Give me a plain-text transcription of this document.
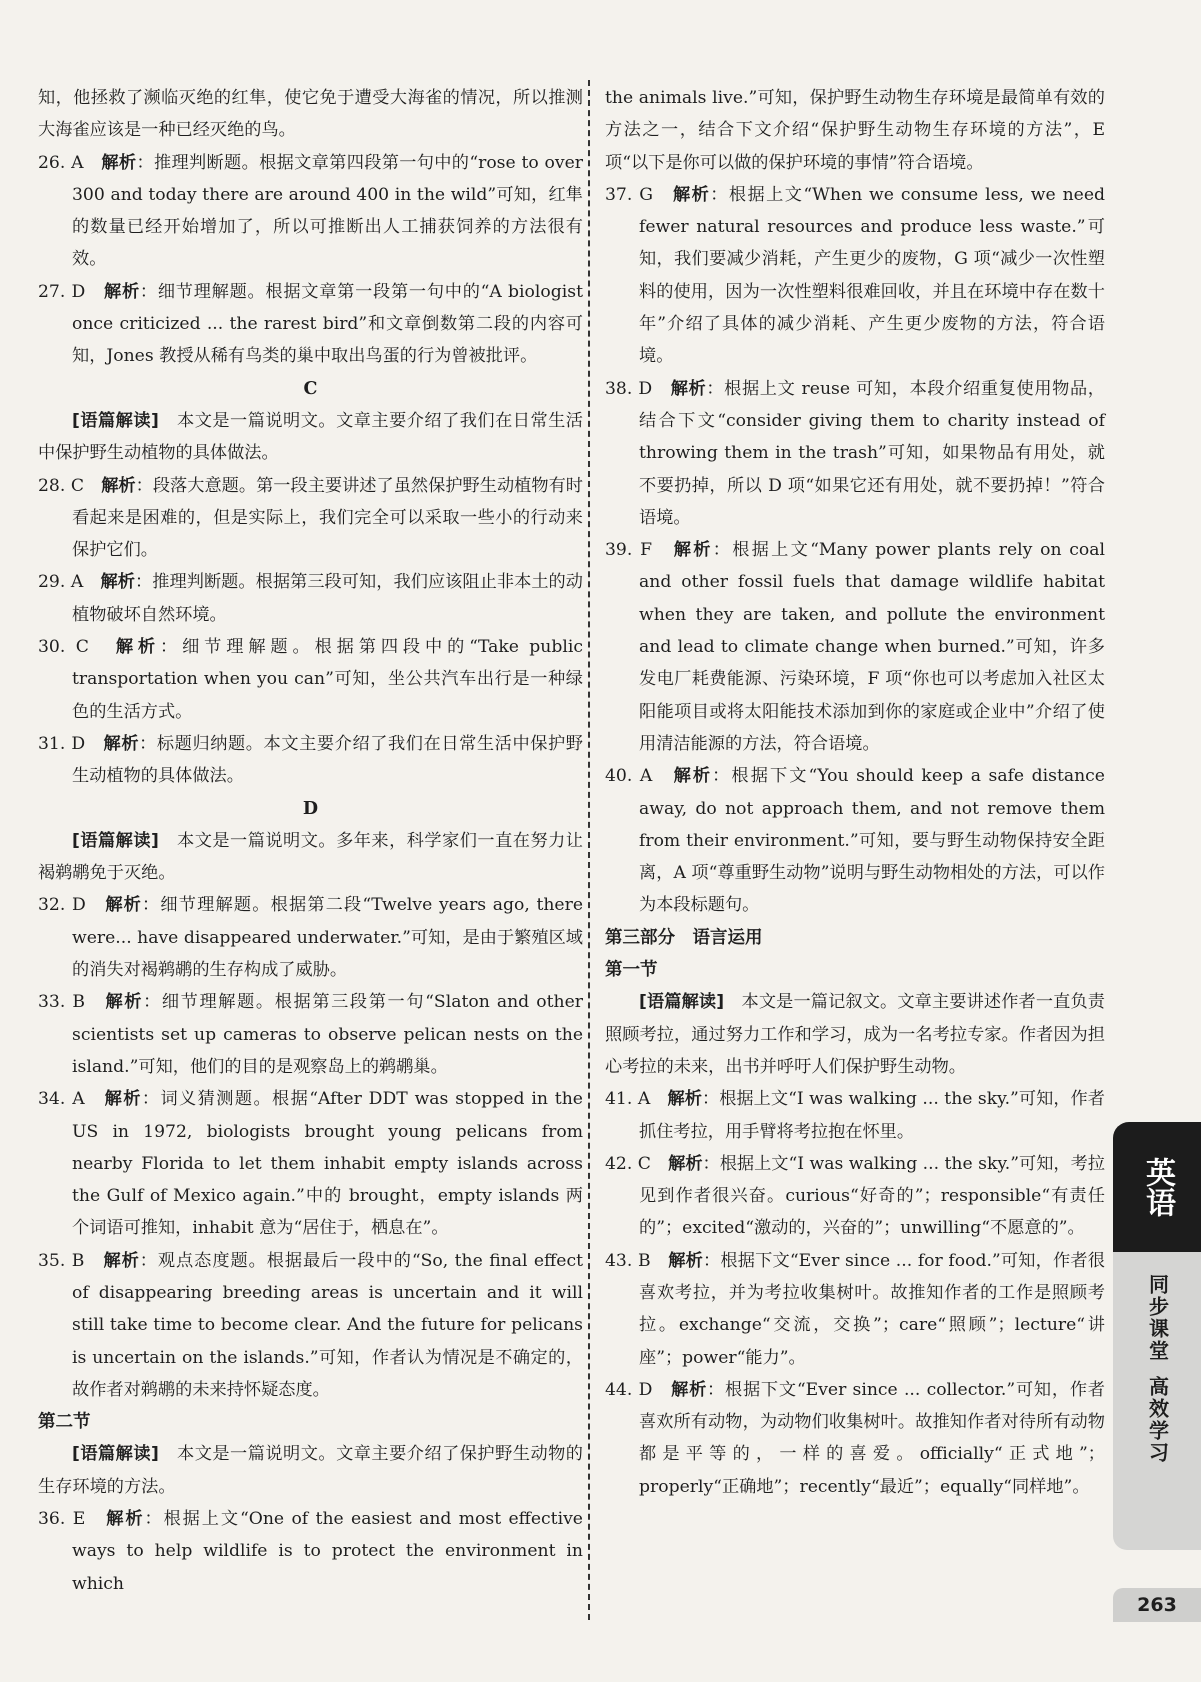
知，他拯救了濒临灭绝的红隼，使它免于遭受大海雀的情况，所以推测大海雀应该是一种已经灭绝的鸟。

26. A　 解析：推理判断题。根据文章第四段第一句中的“rose to over 300 and today there are around 400 in the wild”可知，红隼的数量已经开始增加了，所以可推断出人工捕获饲养的方法很有效。

27. D　 解析：细节理解题。根据文章第一段第一句中的“A biologist once criticized ... the rarest bird”和文章倒数第二段的内容可知，Jones 教授从稀有鸟类的巢中取出鸟蛋的行为曾被批评。

C

[语篇解读]　 本文是一篇说明文。文章主要介绍了我们在日常生活中保护野生动植物的具体做法。

28. C　 解析：段落大意题。第一段主要讲述了虽然保护野生动植物有时看起来是困难的，但是实际上，我们完全可以采取一些小的行动来保护它们。

29. A　 解析：推理判断题。根据第三段可知，我们应该阻止非本土的动植物破坏自然环境。

30. C　 解析：细节理解题。根据第四段中的“Take public transportation when you can”可知，坐公共汽车出行是一种绿色的生活方式。

31. D　 解析：标题归纳题。本文主要介绍了我们在日常生活中保护野生动植物的具体做法。

D

[语篇解读]　 本文是一篇说明文。多年来，科学家们一直在努力让褐鹈鹕免于灭绝。

32. D　 解析：细节理解题。根据第二段“Twelve years ago, there were... have disappeared underwater.”可知，是由于繁殖区域的消失对褐鹈鹕的生存构成了威胁。

33. B　 解析：细节理解题。根据第三段第一句“Slaton and other scientists set up cameras to observe pelican nests on the island.”可知，他们的目的是观察岛上的鹈鹕巢。

34. A　 解析：词义猜测题。根据“After DDT was stopped in the US in 1972, biologists brought young pelicans from nearby Florida to let them inhabit empty islands across the Gulf of Mexico again.”中的 brought，empty islands 两个词语可推知，inhabit 意为“居住于，栖息在”。

35. B　 解析：观点态度题。根据最后一段中的“So, the final effect of disappearing breeding areas is uncertain and it will still take time to become clear. And the future for pelicans is uncertain on the islands.”可知，作者认为情况是不确定的，故作者对鹈鹕的未来持怀疑态度。

第二节

[语篇解读]　 本文是一篇说明文。文章主要介绍了保护野生动物的生存环境的方法。

36. E　 解析：根据上文“One of the easiest and most effective ways to help wildlife is to protect the environment in which

the animals live.”可知，保护野生动物生存环境是最简单有效的方法之一，结合下文介绍“保护野生动物生存环境的方法”，E 项“以下是你可以做的保护环境的事情”符合语境。

37. G　 解析：根据上文“When we consume less, we need fewer natural resources and produce less waste.”可知，我们要减少消耗，产生更少的废物，G 项“减少一次性塑料的使用，因为一次性塑料很难回收，并且在环境中存在数十年”介绍了具体的减少消耗、产生更少废物的方法，符合语境。

38. D　 解析：根据上文 reuse 可知，本段介绍重复使用物品，结合下文“consider giving them to charity instead of throwing them in the trash”可知，如果物品有用处，就不要扔掉，所以 D 项“如果它还有用处，就不要扔掉！”符合语境。

39. F　 解析：根据上文“Many power plants rely on coal and other fossil fuels that damage wildlife habitat when they are taken, and pollute the environment and lead to climate change when burned.”可知，许多发电厂耗费能源、污染环境，F 项“你也可以考虑加入社区太阳能项目或将太阳能技术添加到你的家庭或企业中”介绍了使用清洁能源的方法，符合语境。

40. A　 解析：根据下文“You should keep a safe distance away, do not approach them, and not remove them from their environment.”可知，要与野生动物保持安全距离，A 项“尊重野生动物”说明与野生动物相处的方法，可以作为本段标题句。

第三部分　语言运用

第一节

[语篇解读]　 本文是一篇记叙文。文章主要讲述作者一直负责照顾考拉，通过努力工作和学习，成为一名考拉专家。作者因为担心考拉的未来，出书并呼吁人们保护野生动物。

41. A　 解析：根据上文“I was walking ... the sky.”可知，作者抓住考拉，用手臂将考拉抱在怀里。

42. C　 解析：根据上文“I was walking ... the sky.”可知，考拉见到作者很兴奋。curious“好奇的”；responsible“有责任的”；excited“激动的，兴奋的”；unwilling“不愿意的”。

43. B　 解析：根据下文“Ever since ... for food.”可知，作者很喜欢考拉，并为考拉收集树叶。故推知作者的工作是照顾考拉。exchange“交流，交换”；care“照顾”；lecture“讲座”；power“能力”。

44. D　 解析：根据下文“Ever since ... collector.”可知，作者喜欢所有动物，为动物们收集树叶。故推知作者对待所有动物都是平等的，一样的喜爱。officially“正式地”；properly“正确地”；recently“最近”；equally“同样地”。

英语
同步课堂
高效学习
263
